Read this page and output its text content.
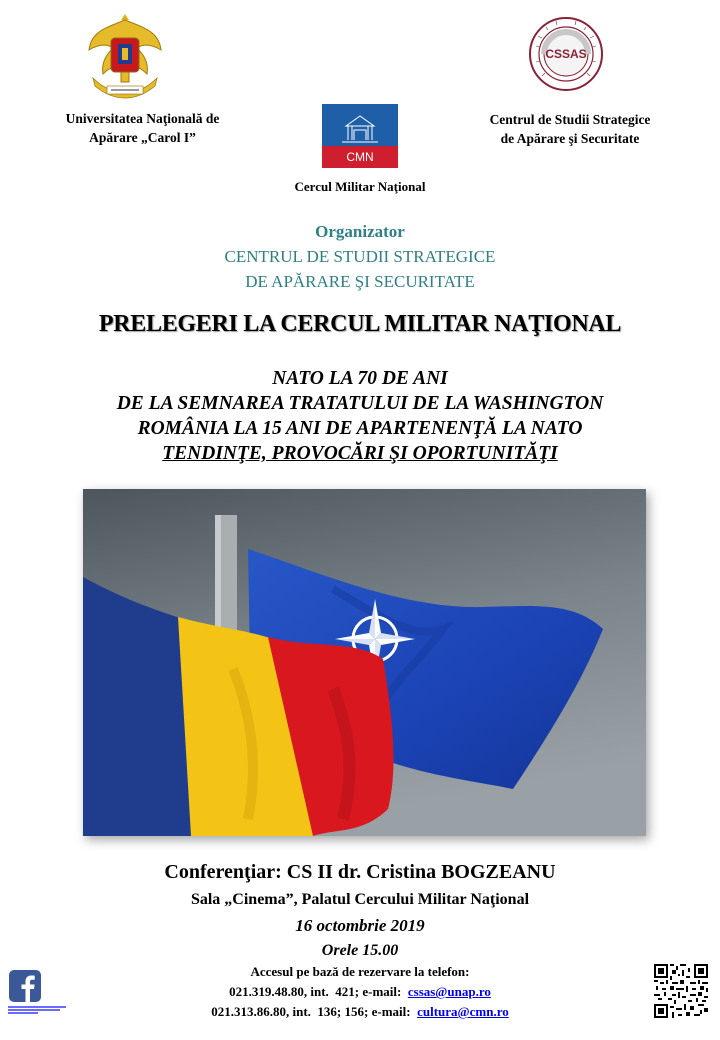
Universitatea Naţională de
Apărare „Carol I”
CMN
Cercul Militar Naţional
CSSAS
Centrul de Studii Strategice
de Apărare şi Securitate
Organizator
CENTRUL DE STUDII STRATEGICE
DE APĂRARE ŞI SECURITATE
PRELEGERI LA CERCUL MILITAR NAŢIONAL
NATO LA 70 DE ANI
DE LA SEMNAREA TRATATULUI DE LA WASHINGTON
ROMÂNIA LA 15 ANI DE APARTENENŢĂ LA NATO
TENDINŢE, PROVOCĂRI ŞI OPORTUNITĂŢI
Conferenţiar: CS II dr. Cristina BOGZEANU
Sala „Cinema”, Palatul Cercului Militar Naţional
16 octombrie 2019
Orele 15.00
Accesul pe bază de rezervare la telefon:
021.319.48.80, int.  421; e-mail:  cssas@unap.ro
021.313.86.80, int.  136; 156; e-mail:  cultura@cmn.ro
